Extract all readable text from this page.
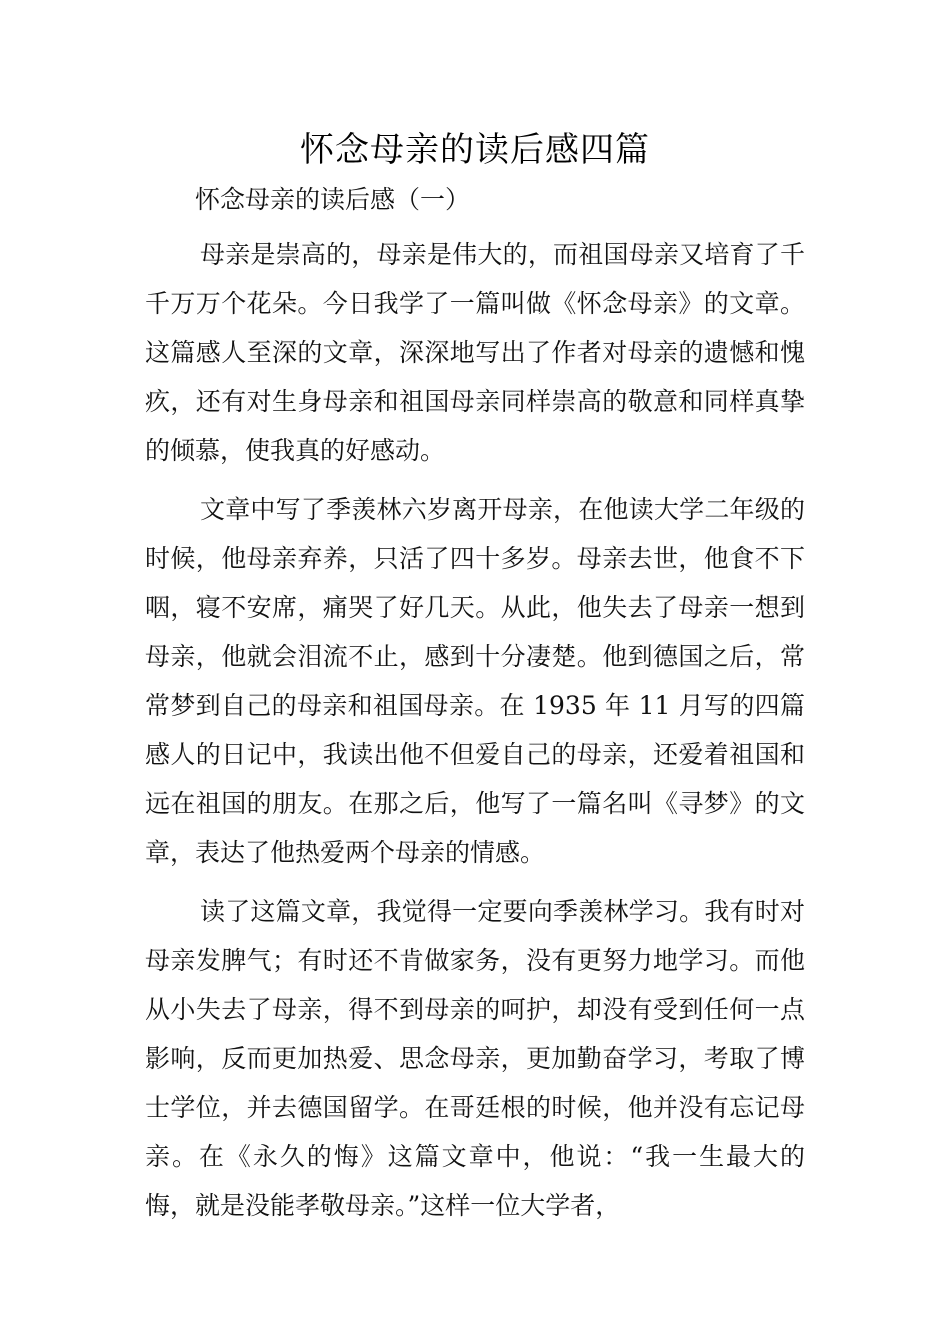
怀念母亲的读后感四篇
怀念母亲的读后感（一）

母亲是崇高的，母亲是伟大的，而祖国母亲又培育了千千万万个花朵。今日我学了一篇叫做《怀念母亲》的文章。这篇感人至深的文章，深深地写出了作者对母亲的遗憾和愧疚，还有对生身母亲和祖国母亲同样崇高的敬意和同样真挚的倾慕，使我真的好感动。

文章中写了季羡林六岁离开母亲，在他读大学二年级的时候，他母亲弃养，只活了四十多岁。母亲去世，他食不下咽，寝不安席，痛哭了好几天。从此，他失去了母亲一想到母亲，他就会泪流不止，感到十分凄楚。他到德国之后，常常梦到自己的母亲和祖国母亲。在 1935 年 11 月写的四篇感人的日记中，我读出他不但爱自己的母亲，还爱着祖国和远在祖国的朋友。在那之后，他写了一篇名叫《寻梦》的文章，表达了他热爱两个母亲的情感。

读了这篇文章，我觉得一定要向季羡林学习。我有时对母亲发脾气；有时还不肯做家务，没有更努力地学习。而他从小失去了母亲，得不到母亲的呵护，却没有受到任何一点影响，反而更加热爱、思念母亲，更加勤奋学习，考取了博士学位，并去德国留学。在哥廷根的时候，他并没有忘记母亲。在《永久的悔》这篇文章中，他说：“我一生最大的悔，就是没能孝敬母亲。”这样一位大学者，
